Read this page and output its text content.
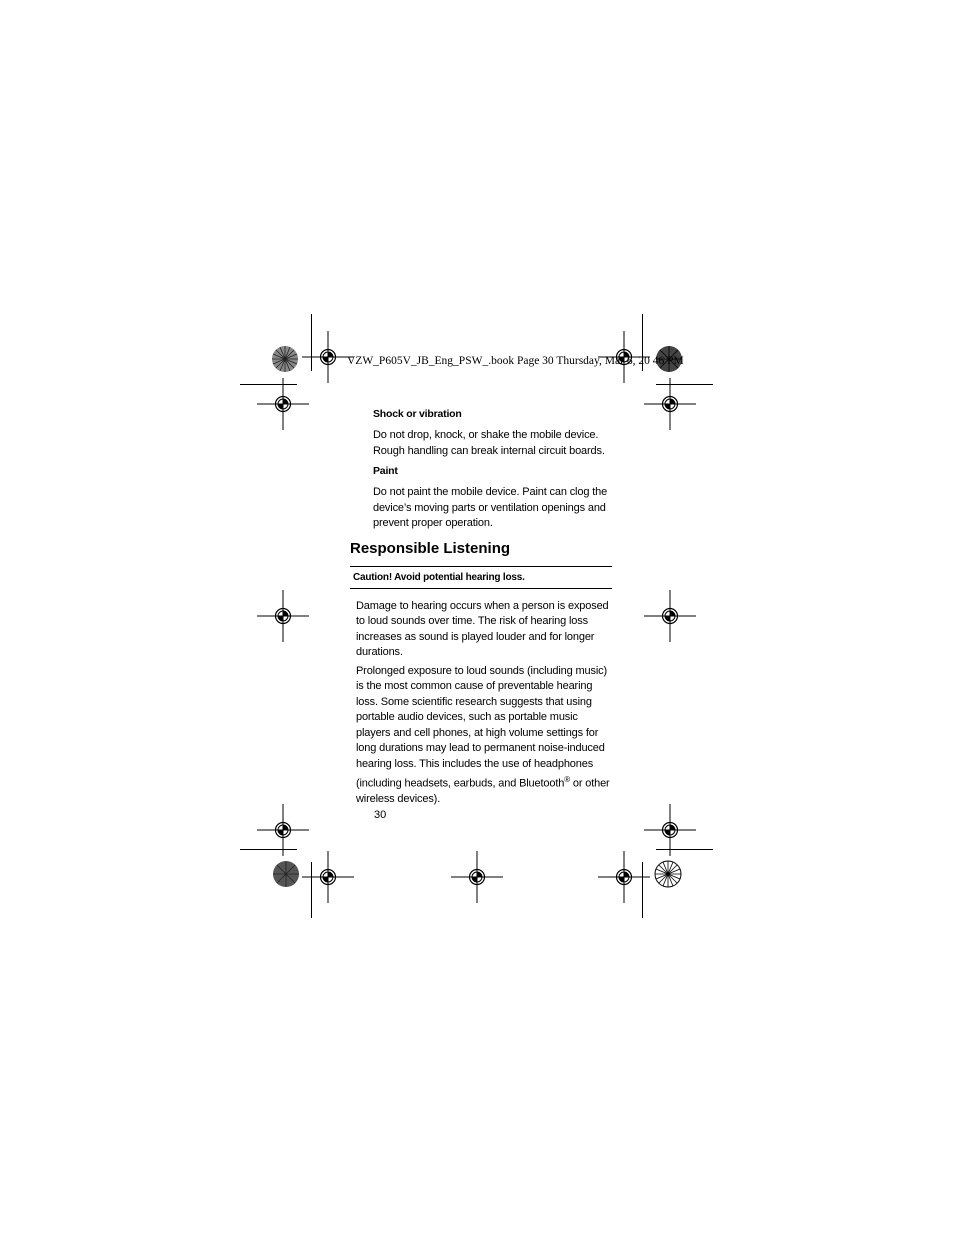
VZW_P605V_JB_Eng_PSW_.book Page 30 Thursday, Mar 6, 20 46 PM
Shock or vibration
Do not drop, knock, or shake the mobile device. Rough handling can break internal circuit boards.
Paint
Do not paint the mobile device. Paint can clog the device’s moving parts or ventilation openings and prevent proper operation.
Responsible Listening
Caution! Avoid potential hearing loss.
Damage to hearing occurs when a person is exposed to loud sounds over time. The risk of hearing loss increases as sound is played louder and for longer durations.
Prolonged exposure to loud sounds (including music) is the most common cause of preventable hearing loss. Some scientific research suggests that using portable audio devices, such as portable music players and cell phones, at high volume settings for long durations may lead to permanent noise-induced hearing loss. This includes the use of headphones (including headsets, earbuds, and Bluetooth® or other wireless devices).
30
